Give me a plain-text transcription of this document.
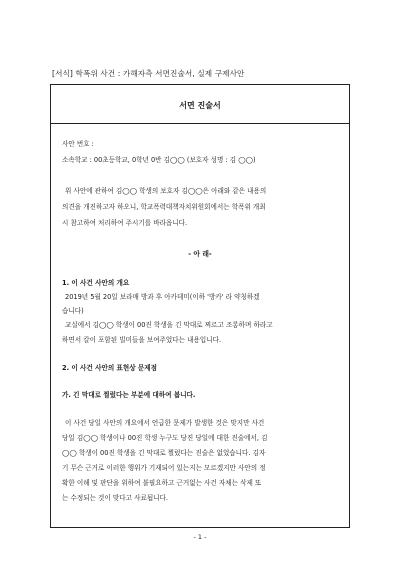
[서식] 학폭위 사건 : 가해자측 서면진술서, 실제 구제사안
서면 진술서
사안 번호 :
소속학교 : 00초등학교, 0학년 0반 김◯◯ (보호자 성명 : 김 ◯◯)
위 사안에 관하여 김◯◯ 학생의 보호자 김◯◯은 아래와 같은 내용의
의견을 개진하고자 하오니, 학교폭력대책자치위원회에서는 학폭위 개최
시 참고하여 처리하여 주시기를 바라옵니다.
- 아 래-
1. 이 사건 사안의 개요
2019년 5월 20일 보라매 방과 후 아카데미(이하 '방카' 라 약칭하겠
습니다)
교실에서 김◯◯ 학생이 00진 학생을 긴 막대로 찌르고 조롱하며 하라고
하면서 칼이 포함된 빌미들을 보여주었다는 내용입니다.
2. 이 사건 사안의 표현상 문제점
가. 긴 막대로 찔렀다는 부분에 대하여 봅니다.
이 사건 당일 사안의 개요에서 언급한 문제가 발생한 것은 맞지만 사건
당일 김◯◯ 학생이나 00진 학생 누구도 당진 당일에 대한 진술에서, 김
◯◯ 학생이 00진 학생을 긴 막대로 찔렀다는 진술은 없었습니다. 김자
기 무슨 근거로 이러한 행위가 기재되어 있는지는 모르겠지만 사안의 정
확한 이해 및 판단을 위하여 불필요하고 근거없는 사건 자체는 삭제 또
는 수정되는 것이 맞다고 사료됩니다.
- 1 -
